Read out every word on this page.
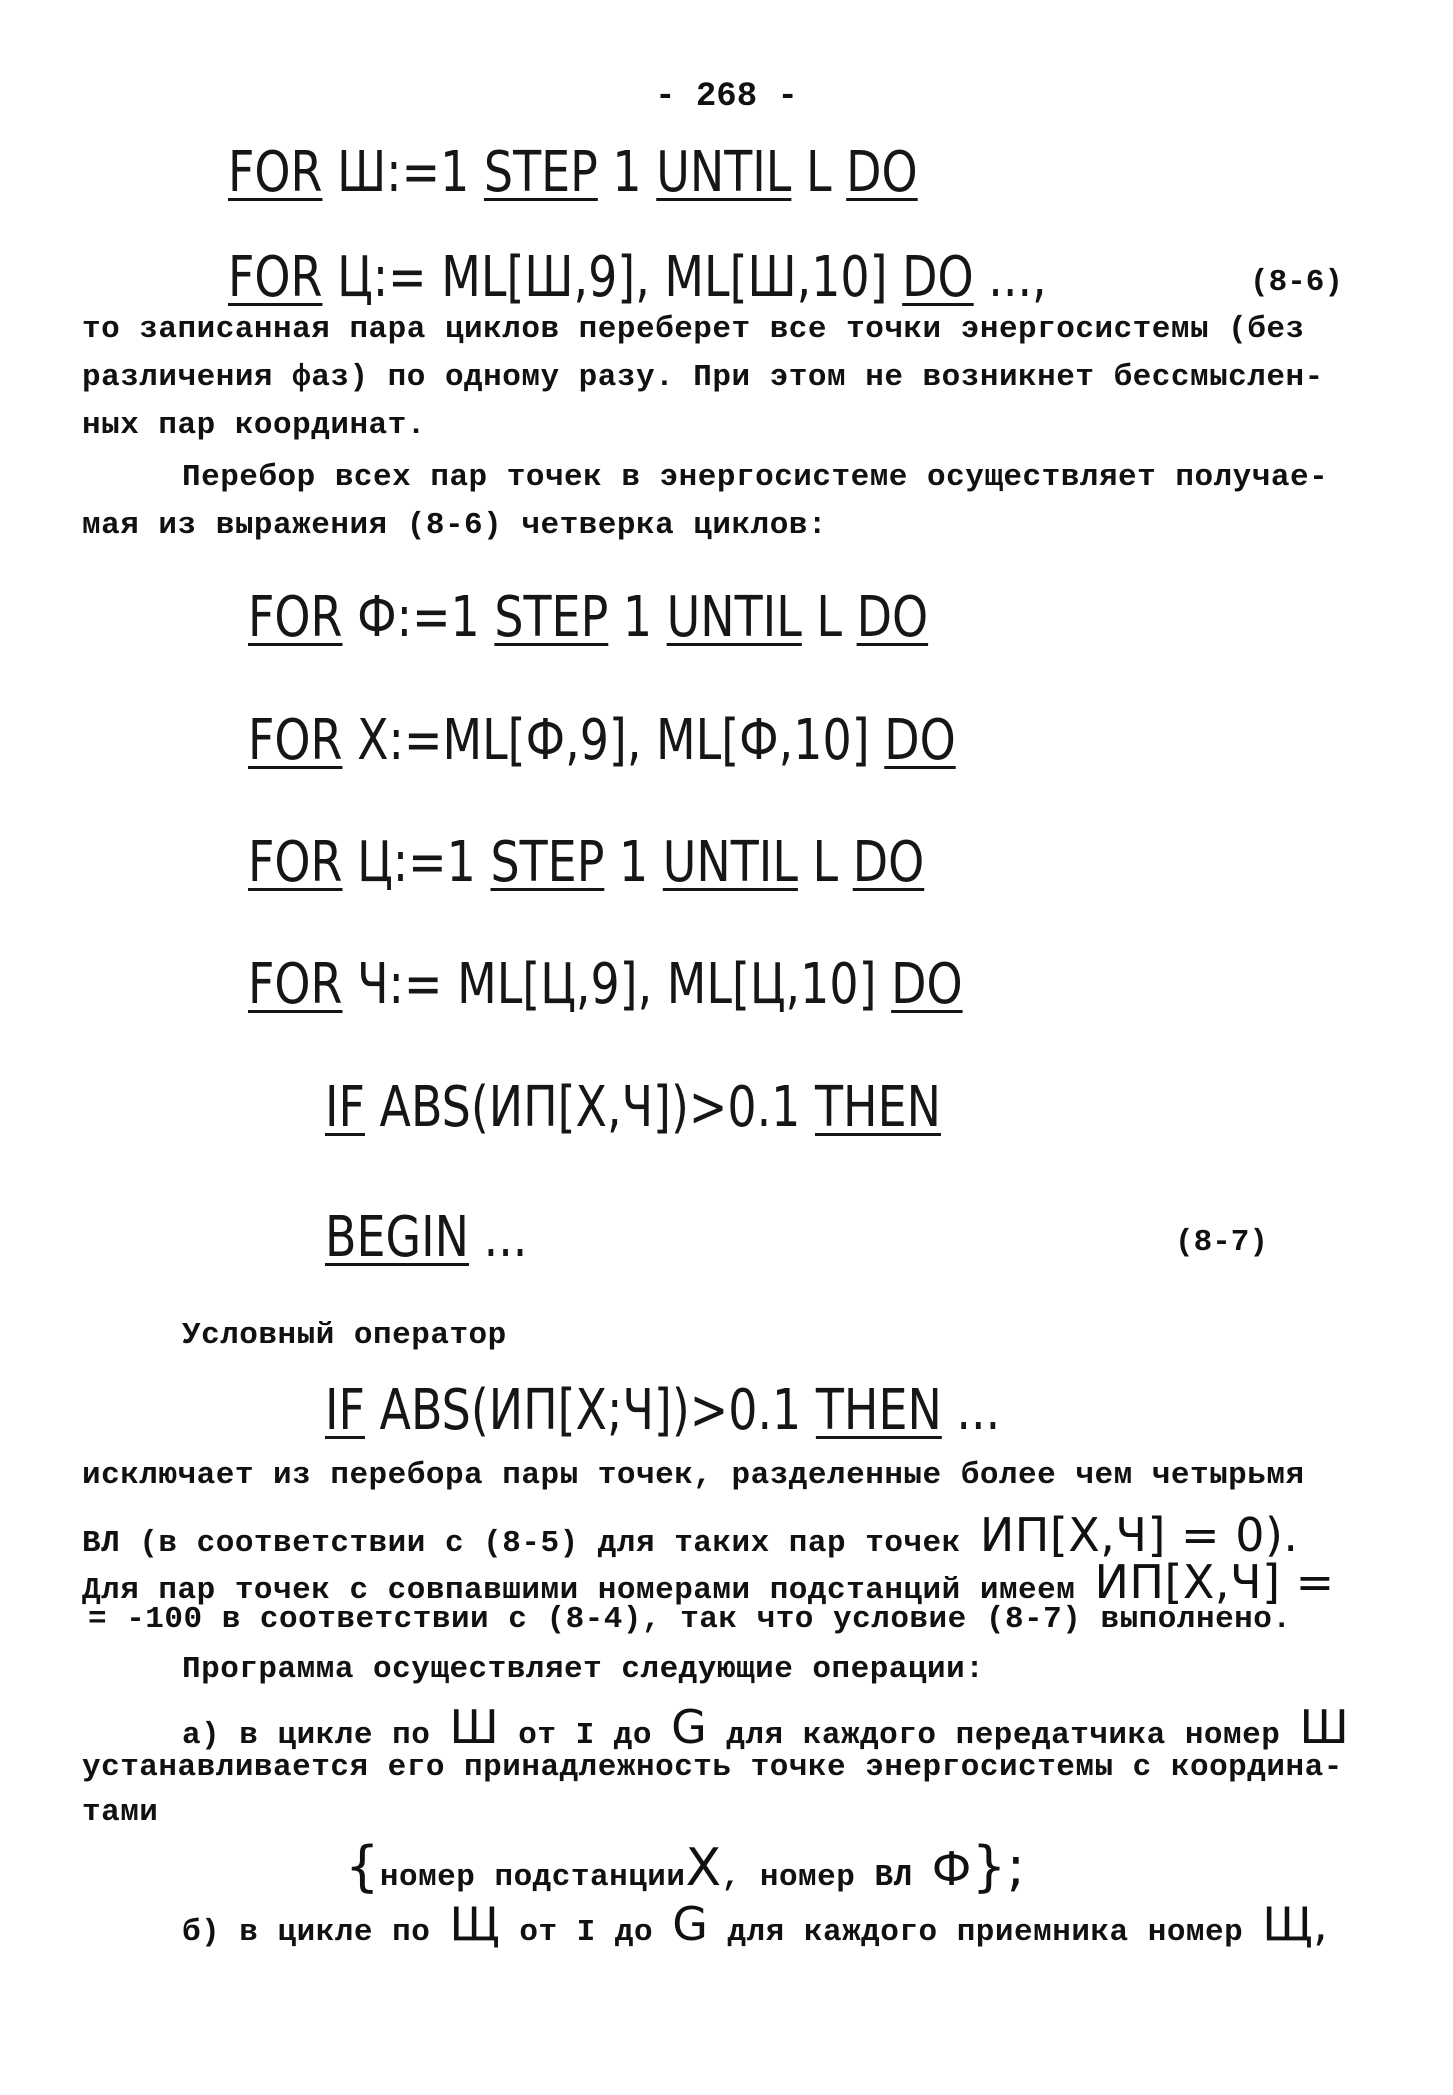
- 268 -
FOR Ш:=1 STEP 1 UNTIL L DO
FOR Ц:= ML[Ш,9], ML[Ш,10] DO ...,	(8-6)
то записанная пара циклов переберет все точки энергосистемы (без
различения фаз) по одному разу. При этом не возникнет бессмыслен-
ных пар координат.
Перебор всех пар точек в энергосистеме осуществляет получае-
мая из выражения (8-6) четверка циклов:
FOR Ф:=1 STEP 1 UNTIL L DO
FOR Х:=ML[Ф,9], ML[Ф,10] DO
FOR Ц:=1 STEP 1 UNTIL L DO
FOR Ч:= ML[Ц,9], ML[Ц,10] DO
IF ABS(ИП[Х,Ч])>0.1 THEN
BEGIN ...	(8-7)
Условный оператор
IF ABS(ИП[Х;Ч])>0.1 THEN ...
исключает из перебора пары точек, разделенные более чем четырьмя
ВЛ (в соответствии с (8-5) для таких пар точек ИП[Х,Ч] = 0).
Для пар точек с совпавшими номерами подстанций имеем ИП[Х,Ч] =
= -100 в соответствии с (8-4), так что условие (8-7) выполнено.
Программа осуществляет следующие операции:
а) в цикле по Ш от I до G для каждого передатчика номер Ш
устанавливается его принадлежность точке энергосистемы с координа-
тами
{номер подстанцииХ, номер ВЛ Ф};
б) в цикле по Щ от I до G для каждого приемника номер Щ,
